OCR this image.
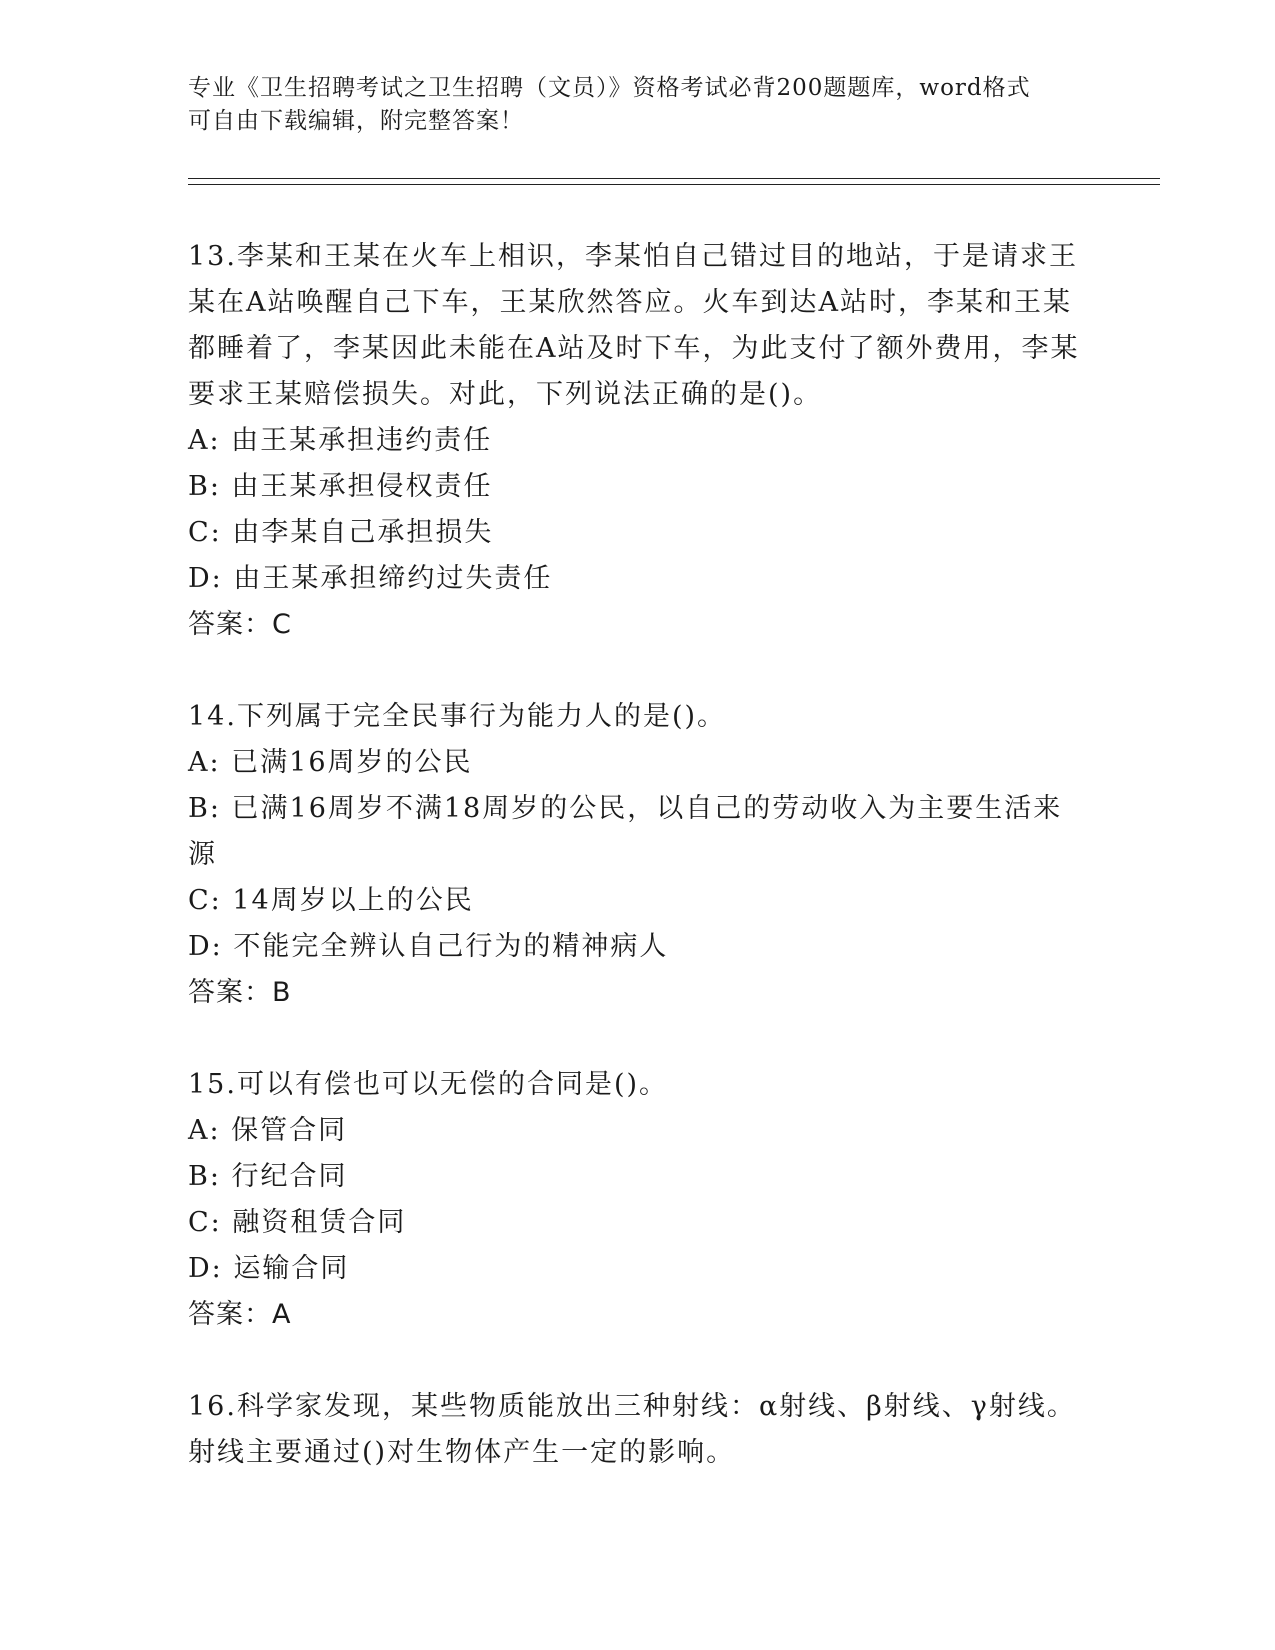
专业《卫生招聘考试之卫生招聘（文员）》资格考试必背200题题库，word格式
可自由下载编辑，附完整答案！

13.李某和王某在火车上相识，李某怕自己错过目的地站，于是请求王某在A站唤醒自己下车，王某欣然答应。火车到达A站时，李某和王某都睡着了，李某因此未能在A站及时下车，为此支付了额外费用，李某要求王某赔偿损失。对此，下列说法正确的是()。

A: 由王某承担违约责任

B: 由王某承担侵权责任

C: 由李某自己承担损失

D: 由王某承担缔约过失责任

答案：C

14.下列属于完全民事行为能力人的是()。

A: 已满16周岁的公民

B: 已满16周岁不满18周岁的公民，以自己的劳动收入为主要生活来源

C: 14周岁以上的公民

D: 不能完全辨认自己行为的精神病人

答案：B

15.可以有偿也可以无偿的合同是()。

A: 保管合同

B: 行纪合同

C: 融资租赁合同

D: 运输合同

答案：A

16.科学家发现，某些物质能放出三种射线：α射线、β射线、γ射线。射线主要通过()对生物体产生一定的影响。
